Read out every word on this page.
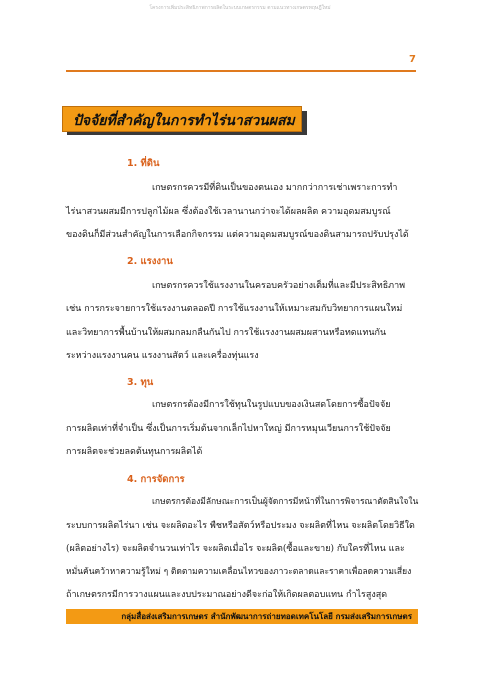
โครงการเพิ่มประสิทธิภาพการผลิตในระบบเกษตรกรรม ตามแนวทางเกษตรทฤษฎีใหม่
7
ปัจจัยที่สำคัญในการทำไร่นาสวนผสม
1. ที่ดิน
เกษตรกรควรมีที่ดินเป็นของตนเอง มากกว่าการเช่าเพราะการทำ
ไร่นาสวนผสมมีการปลูกไม้ผล ซึ่งต้องใช้เวลานานกว่าจะได้ผลผลิต ความอุดมสมบูรณ์
ของดินก็มีส่วนสำคัญในการเลือกกิจกรรม แต่ความอุดมสมบูรณ์ของดินสามารถปรับปรุงได้
2. แรงงาน
เกษตรกรควรใช้แรงงานในครอบครัวอย่างเต็มที่และมีประสิทธิภาพ
เช่น การกระจายการใช้แรงงานตลอดปี การใช้แรงงานให้เหมาะสมกับวิทยาการแผนใหม่
และวิทยาการพื้นบ้านให้ผสมกลมกลืนกันไป การใช้แรงงานผสมผสานหรือทดแทนกัน
ระหว่างแรงงานคน แรงงานสัตว์ และเครื่องทุ่นแรง
3. ทุน
เกษตรกรต้องมีการใช้ทุนในรูปแบบของเงินสดโดยการซื้อปัจจัย
การผลิตเท่าที่จำเป็น ซึ่งเป็นการเริ่มต้นจากเล็กไปหาใหญ่ มีการหมุนเวียนการใช้ปัจจัย
การผลิตจะช่วยลดต้นทุนการผลิตได้
4. การจัดการ
เกษตรกรต้องมีลักษณะการเป็นผู้จัดการมีหน้าที่ในการพิจารณาตัดสินใจใน
ระบบการผลิตไร่นา เช่น จะผลิตอะไร พืชหรือสัตว์หรือประมง จะผลิตที่ไหน จะผลิตโดยวิธีใด
(ผลิตอย่างไร) จะผลิตจำนวนเท่าไร จะผลิตเมื่อไร จะผลิต(ซื้อและขาย) กับใครที่ไหน และ
หมั่นค้นคว้าหาความรู้ใหม่ ๆ ติดตามความเคลื่อนไหวของภาวะตลาดและราคาเพื่อลดความเสี่ยง
ถ้าเกษตรกรมีการวางแผนและงบประมาณอย่างดีจะก่อให้เกิดผลตอบแทน กำไรสูงสุด
กลุ่มสื่อส่งเสริมการเกษตร สำนักพัฒนาการถ่ายทอดเทคโนโลยี กรมส่งเสริมการเกษตร
